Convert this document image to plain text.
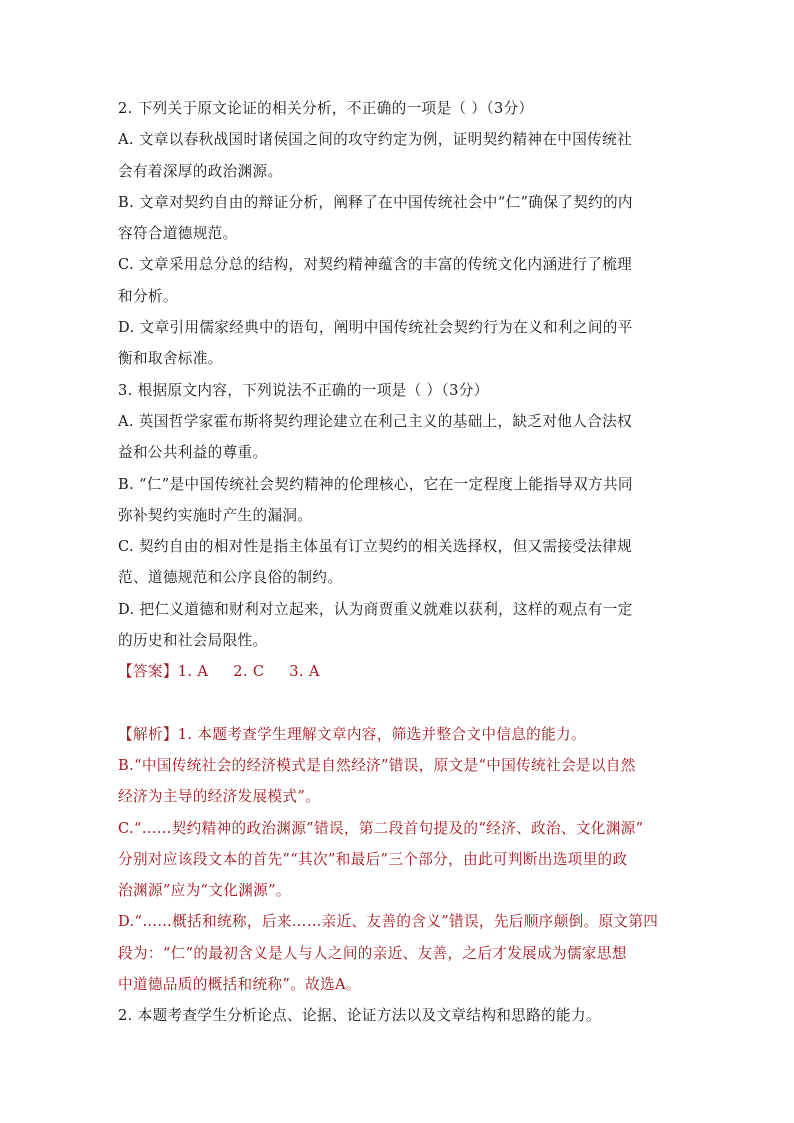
2. 下列关于原文论证的相关分析，不正确的一项是（ ）（3分）
A. 文章以春秋战国时诸侯国之间的攻守约定为例，证明契约精神在中国传统社
会有着深厚的政治渊源。
B. 文章对契约自由的辩证分析，阐释了在中国传统社会中“仁”确保了契约的内
容符合道德规范。
C. 文章采用总分总的结构，对契约精神蕴含的丰富的传统文化内涵进行了梳理
和分析。
D. 文章引用儒家经典中的语句，阐明中国传统社会契约行为在义和利之间的平
衡和取舍标准。
3. 根据原文内容，下列说法不正确的一项是（ ）（3分）
A. 英国哲学家霍布斯将契约理论建立在利己主义的基础上，缺乏对他人合法权
益和公共利益的尊重。
B. “仁”是中国传统社会契约精神的伦理核心，它在一定程度上能指导双方共同
弥补契约实施时产生的漏洞。
C. 契约自由的相对性是指主体虽有订立契约的相关选择权，但又需接受法律规
范、道德规范和公序良俗的制约。
D. 把仁义道德和财利对立起来，认为商贾重义就难以获利，这样的观点有一定
的历史和社会局限性。
【答案】1. A     2. C     3. A
【解析】1. 本题考查学生理解文章内容，筛选并整合文中信息的能力。
B.“中国传统社会的经济模式是自然经济”错误，原文是“中国传统社会是以自然
经济为主导的经济发展模式”。
C.“……契约精神的政治渊源”错误，第二段首句提及的“经济、政治、文化渊源”
分别对应该段文本的首先”“其次”和最后”三个部分，由此可判断出选项里的政
治渊源”应为“文化渊源”。
D.“……概括和统称，后来……亲近、友善的含义”错误，先后顺序颠倒。原文第四
段为：“仁”的最初含义是人与人之间的亲近、友善，之后才发展成为儒家思想
中道德品质的概括和统称”。故选A。
2. 本题考查学生分析论点、论据、论证方法以及文章结构和思路的能力。
